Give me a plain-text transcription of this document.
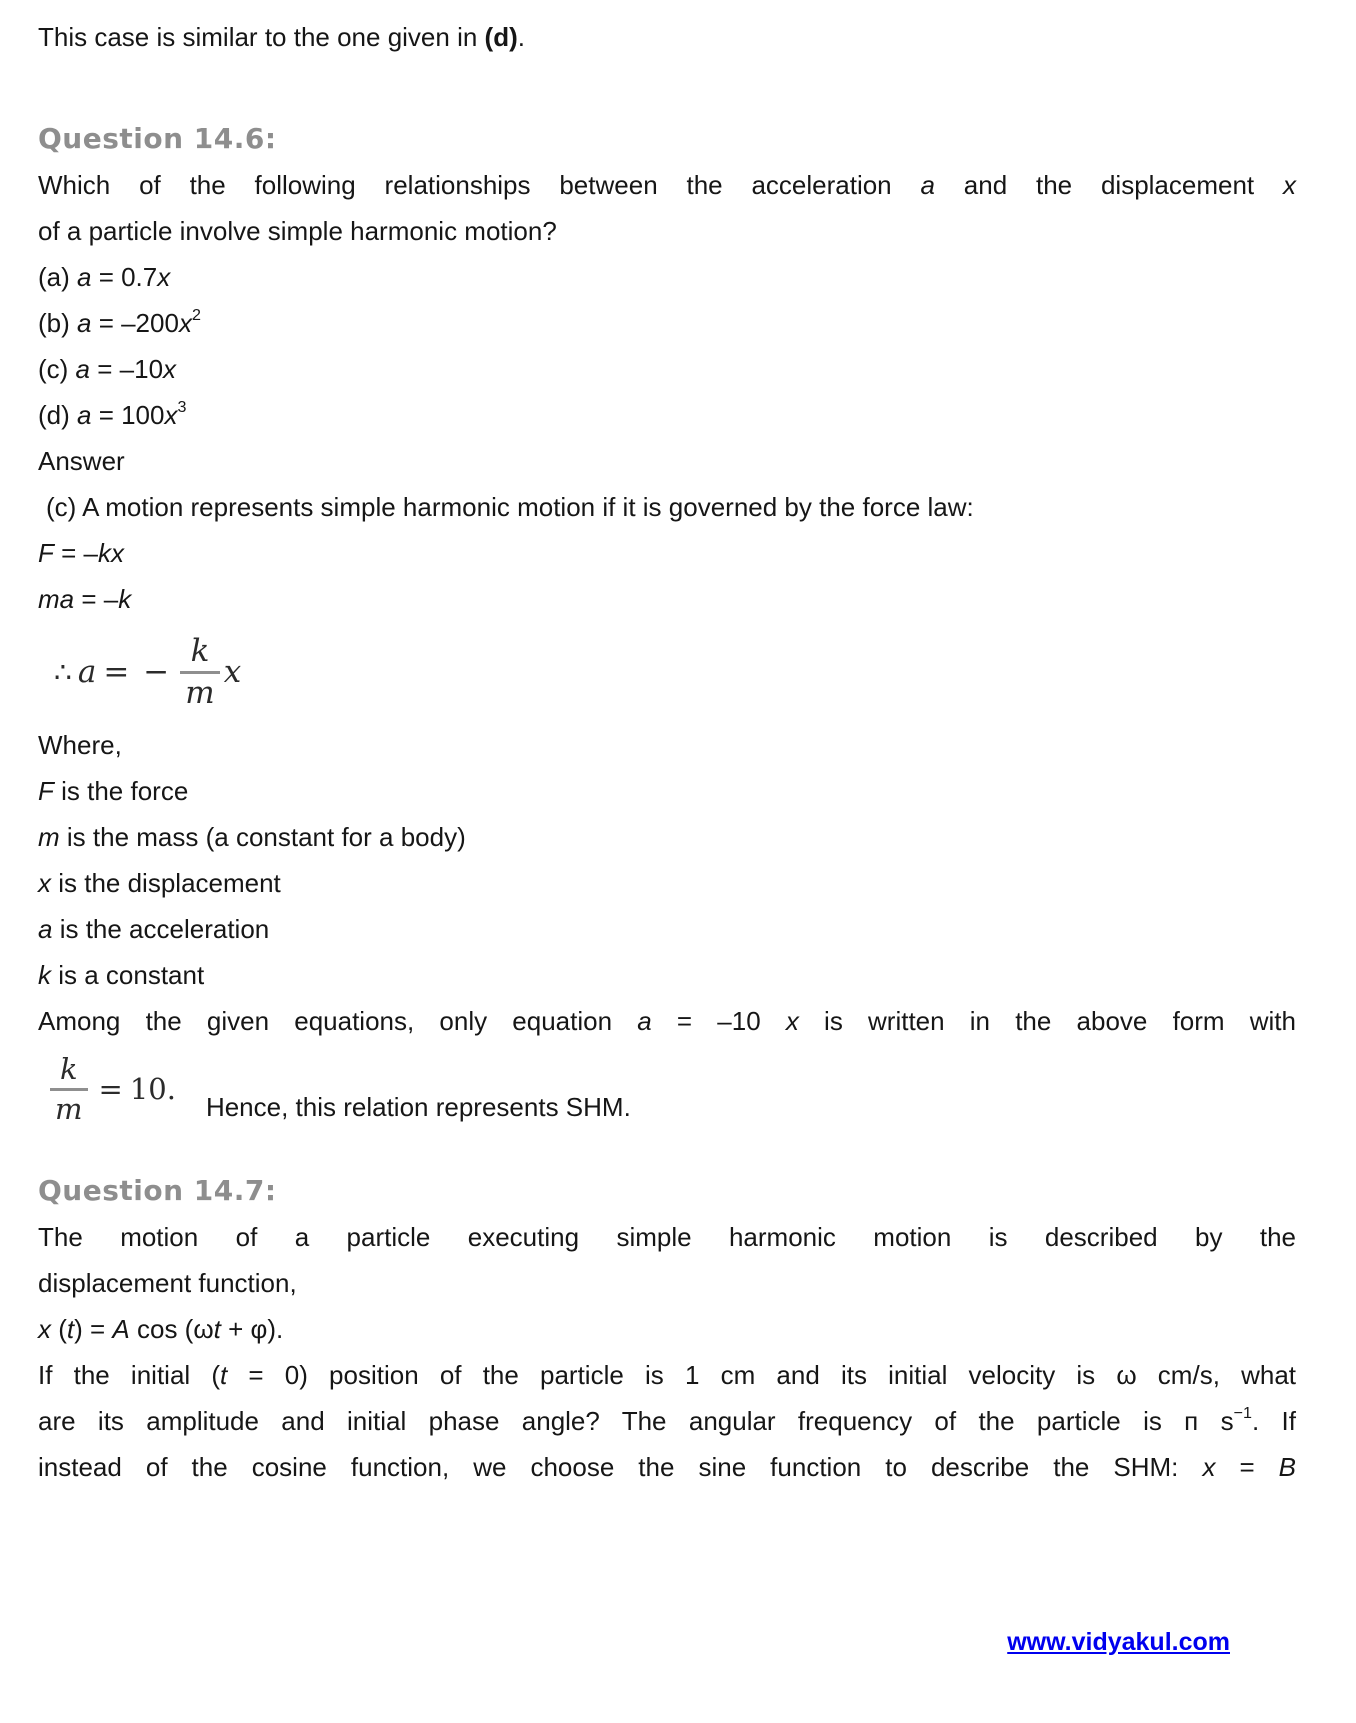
This case is similar to the one given in (d).

Question 14.6:

Which of the following relationships between the acceleration a and the displacement x

of a particle involve simple harmonic motion?

(a) a = 0.7x

(b) $a = -200x^2$

(c) a = –10x

(d) $a = 100x^3$

Answer

(c) A motion represents simple harmonic motion if it is governed by the force law:

F = –kx

ma = –k

∴ a = − $\frac{k}{m}$ x

Where,

F is the force

m is the mass (a constant for a body)

x is the displacement

a is the acceleration

k is a constant

Among the given equations, only equation a = –10 x is written in the above form with

$\frac{k}{m} = 10$.

Hence, this relation represents SHM.

Question 14.7:

The motion of a particle executing simple harmonic motion is described by the

displacement function,

x (t) = A cos (ωt + φ).

If the initial (t = 0) position of the particle is 1 cm and its initial velocity is ω cm/s, what

are its amplitude and initial phase angle? The angular frequency of the particle is п $s^{-1}$. If

instead of the cosine function, we choose the sine function to describe the SHM: x = B

www.vidyakul.com
